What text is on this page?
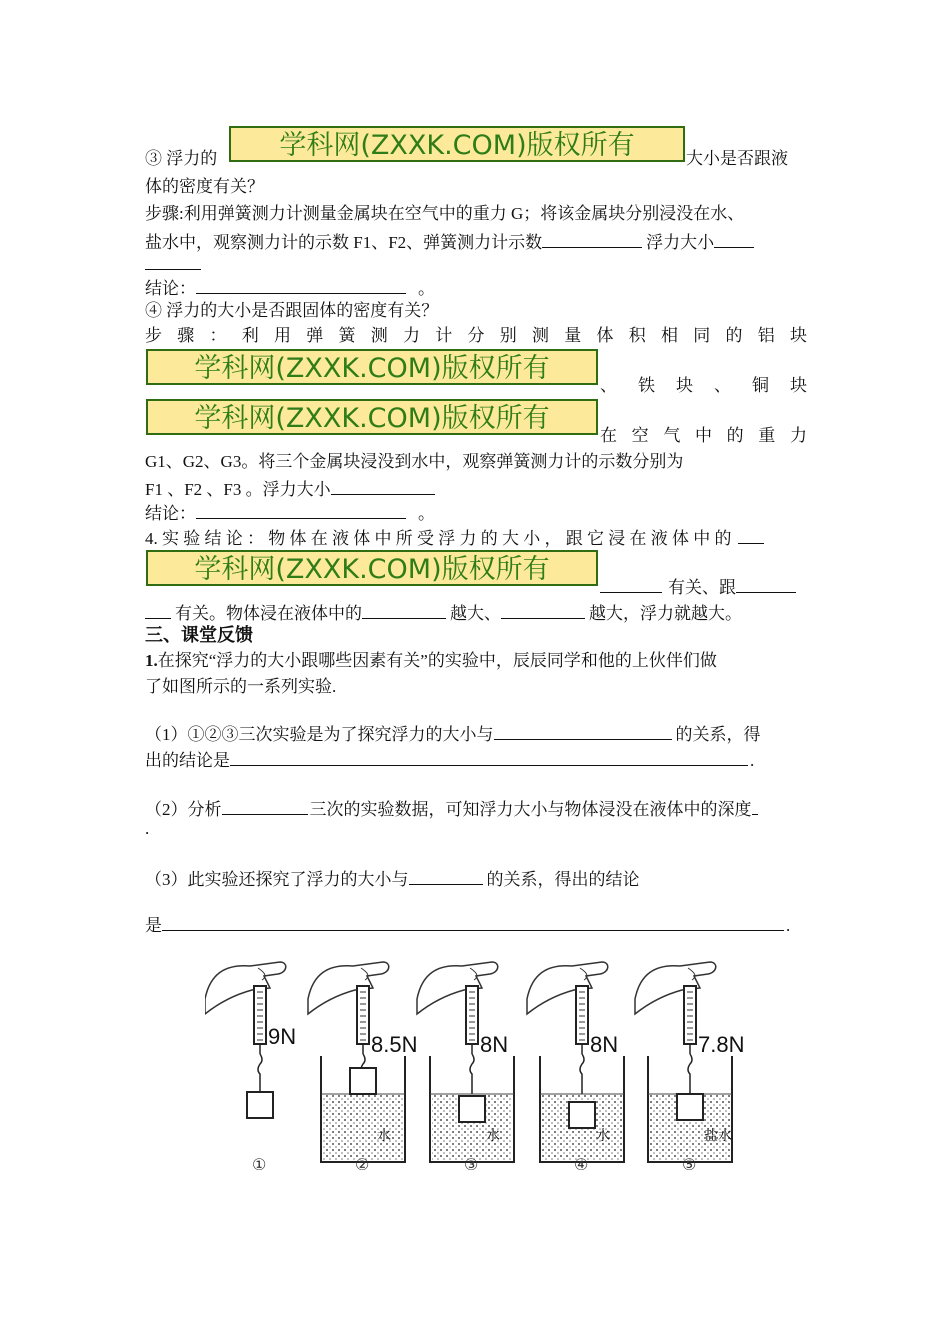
③ 浮力的	学科网(ZXXK.COM)版权所有	大小是否跟液
体的密度有关？
步骤:利用弹簧测力计测量金属块在空气中的重力 G；将该金属块分别浸没在水、
盐水中，观察测力计的示数 F1、F2、弹簧测力计示数	浮力大小
结论：	。
④ 浮力的大小是否跟固体的密度有关？
步 骤 ： 利 用 弹 簧 测 力 计 分 别 测 量 体 积 相 同 的 铝 块
学科网(ZXXK.COM)版权所有
、 铁 块 、 铜 块
学科网(ZXXK.COM)版权所有
在 空 气 中 的 重 力
G1、G2、G3。将三个金属块浸没到水中，观察弹簧测力计的示数分别为
F1 、F2 、F3 。浮力大小
结论：	。
4. 实 验 结 论 ： 物 体 在 液 体 中 所 受 浮 力 的 大 小 ， 跟 它 浸 在 液 体 中 的
学科网(ZXXK.COM)版权所有
有关、跟
有关。物体浸在液体中的	越大、	越大，浮力就越大。
三、课堂反馈
1.在探究“浮力的大小跟哪些因素有关”的实验中，辰辰同学和他的上伙伴们做
了如图所示的一系列实验.
（1）①②③三次实验是为了探究浮力的大小与	的关系，得
出的结论是	.
（2）分析	三次的实验数据，可知浮力大小与物体浸没在液体中的深度
.
（3）此实验还探究了浮力的大小与	的关系，得出的结论
是	.
9N
①
8.5N
水
②
8N
水
③
8N
水
④
7.8N
盐水
⑤
